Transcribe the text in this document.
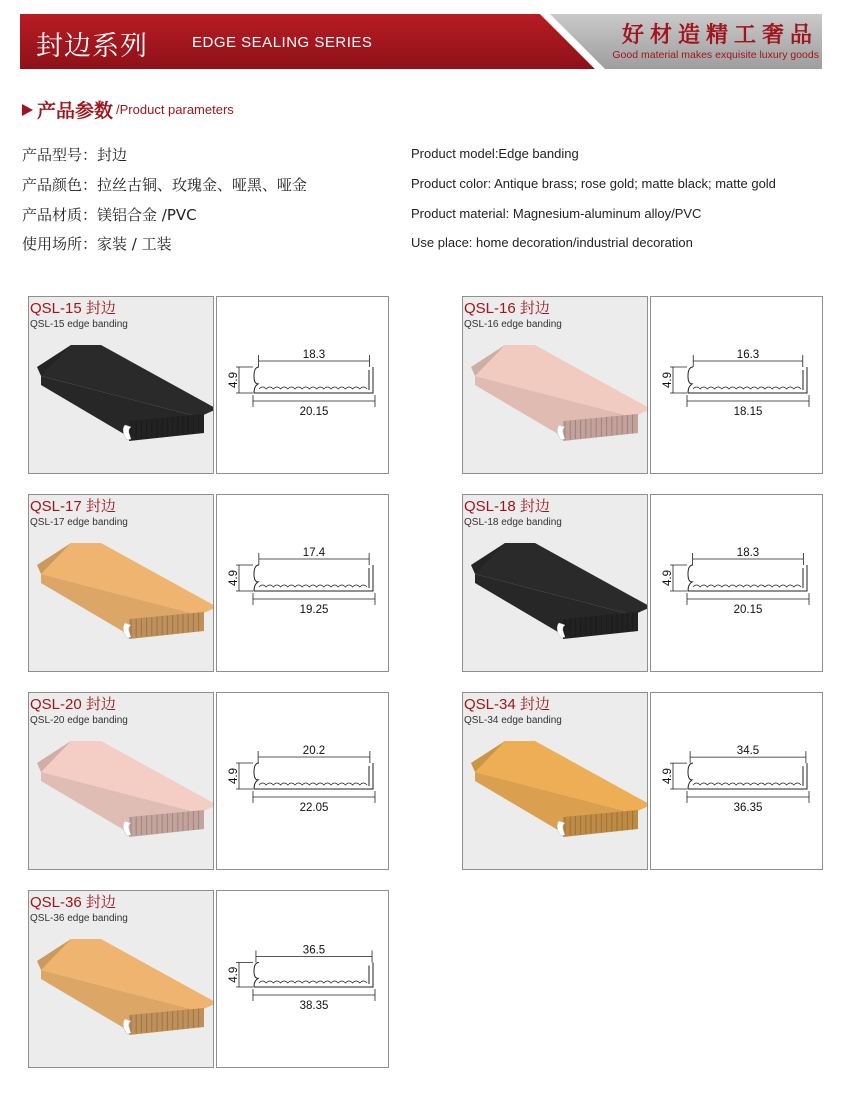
封边系列	EDGE SEALING SERIES	好材造精工奢品
Good material makes exquisite luxury goods
产品参数 /Product parameters
产品型号：封边
产品颜色：拉丝古铜、玫瑰金、哑黑、哑金
产品材质：镁铝合金 /PVC
使用场所：家装 / 工装
Product model:Edge banding
Product color: Antique brass; rose gold; matte black; matte gold
Product material: Magnesium-aluminum alloy/PVC
Use place: home decoration/industrial decoration
QSL-15 封边
QSL-15 edge banding
18.3
20.15
4.9
QSL-16 封边
QSL-16 edge banding
16.3
18.15
4.9
QSL-17 封边
QSL-17 edge banding
17.4
19.25
4.9
QSL-18 封边
QSL-18 edge banding
18.3
20.15
4.9
QSL-20 封边
QSL-20 edge banding
20.2
22.05
4.9
QSL-34 封边
QSL-34 edge banding
34.5
36.35
4.9
QSL-36 封边
QSL-36 edge banding
36.5
38.35
4.9
